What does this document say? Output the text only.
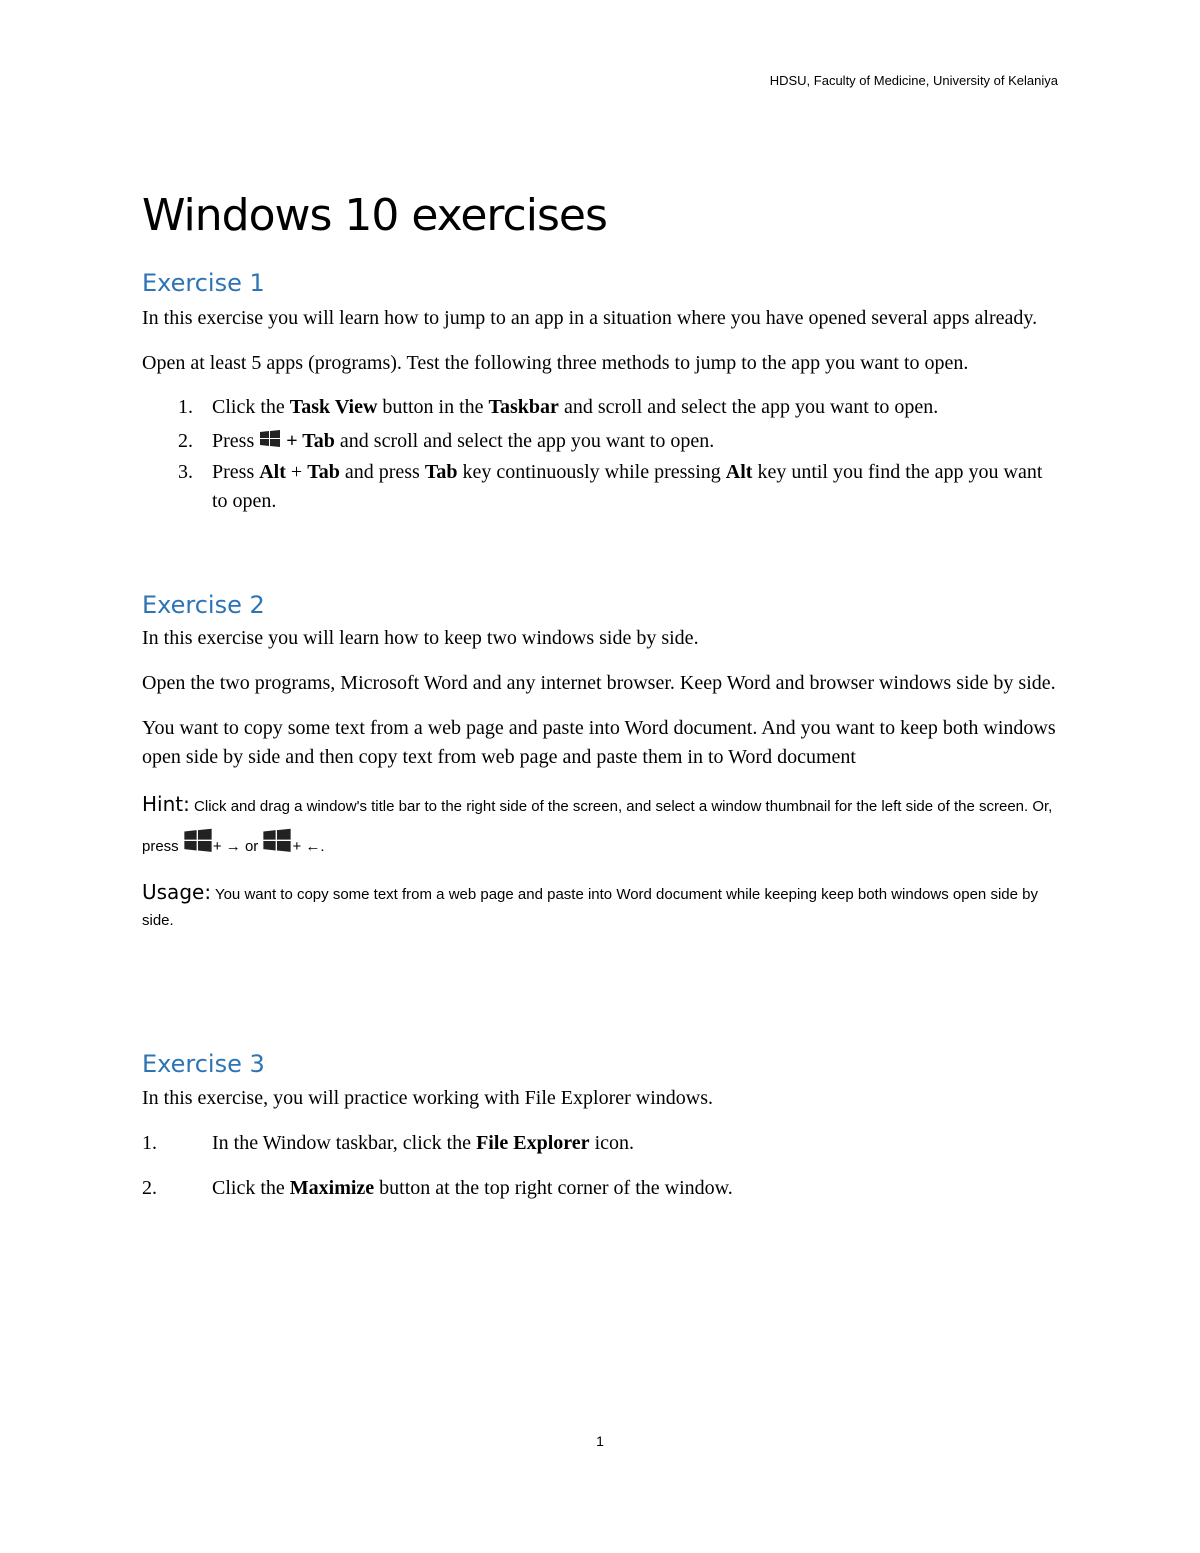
HDSU, Faculty of Medicine, University of Kelaniya
Windows 10 exercises
Exercise 1

In this exercise you will learn how to jump to an app in a situation where you have opened several apps already.

Open at least 5 apps (programs). Test the following three methods to jump to the app you want to open.

1. Click the Task View button in the Taskbar and scroll and select the app you want to open.
2. Press  + Tab and scroll and select the app you want to open.
3. Press Alt + Tab and press Tab key continuously while pressing Alt key until you find the app you want to open.
Exercise 2

In this exercise you will learn how to keep two windows side by side.

Open the two programs, Microsoft Word and any internet browser. Keep Word and browser windows side by side.

You want to copy some text from a web page and paste into Word document. And you want to keep both windows open side by side and then copy text from web page and paste them in to Word document

Hint: Click and drag a window's title bar to the right side of the screen, and select a window thumbnail for the left side of the screen. Or, press + → or + ←.

Usage: You want to copy some text from a web page and paste into Word document while keeping keep both windows open side by side.

Exercise 3

In this exercise, you will practice working with File Explorer windows.

1.	In the Window taskbar, click the File Explorer icon.
2.	Click the Maximize button at the top right corner of the window.
1
